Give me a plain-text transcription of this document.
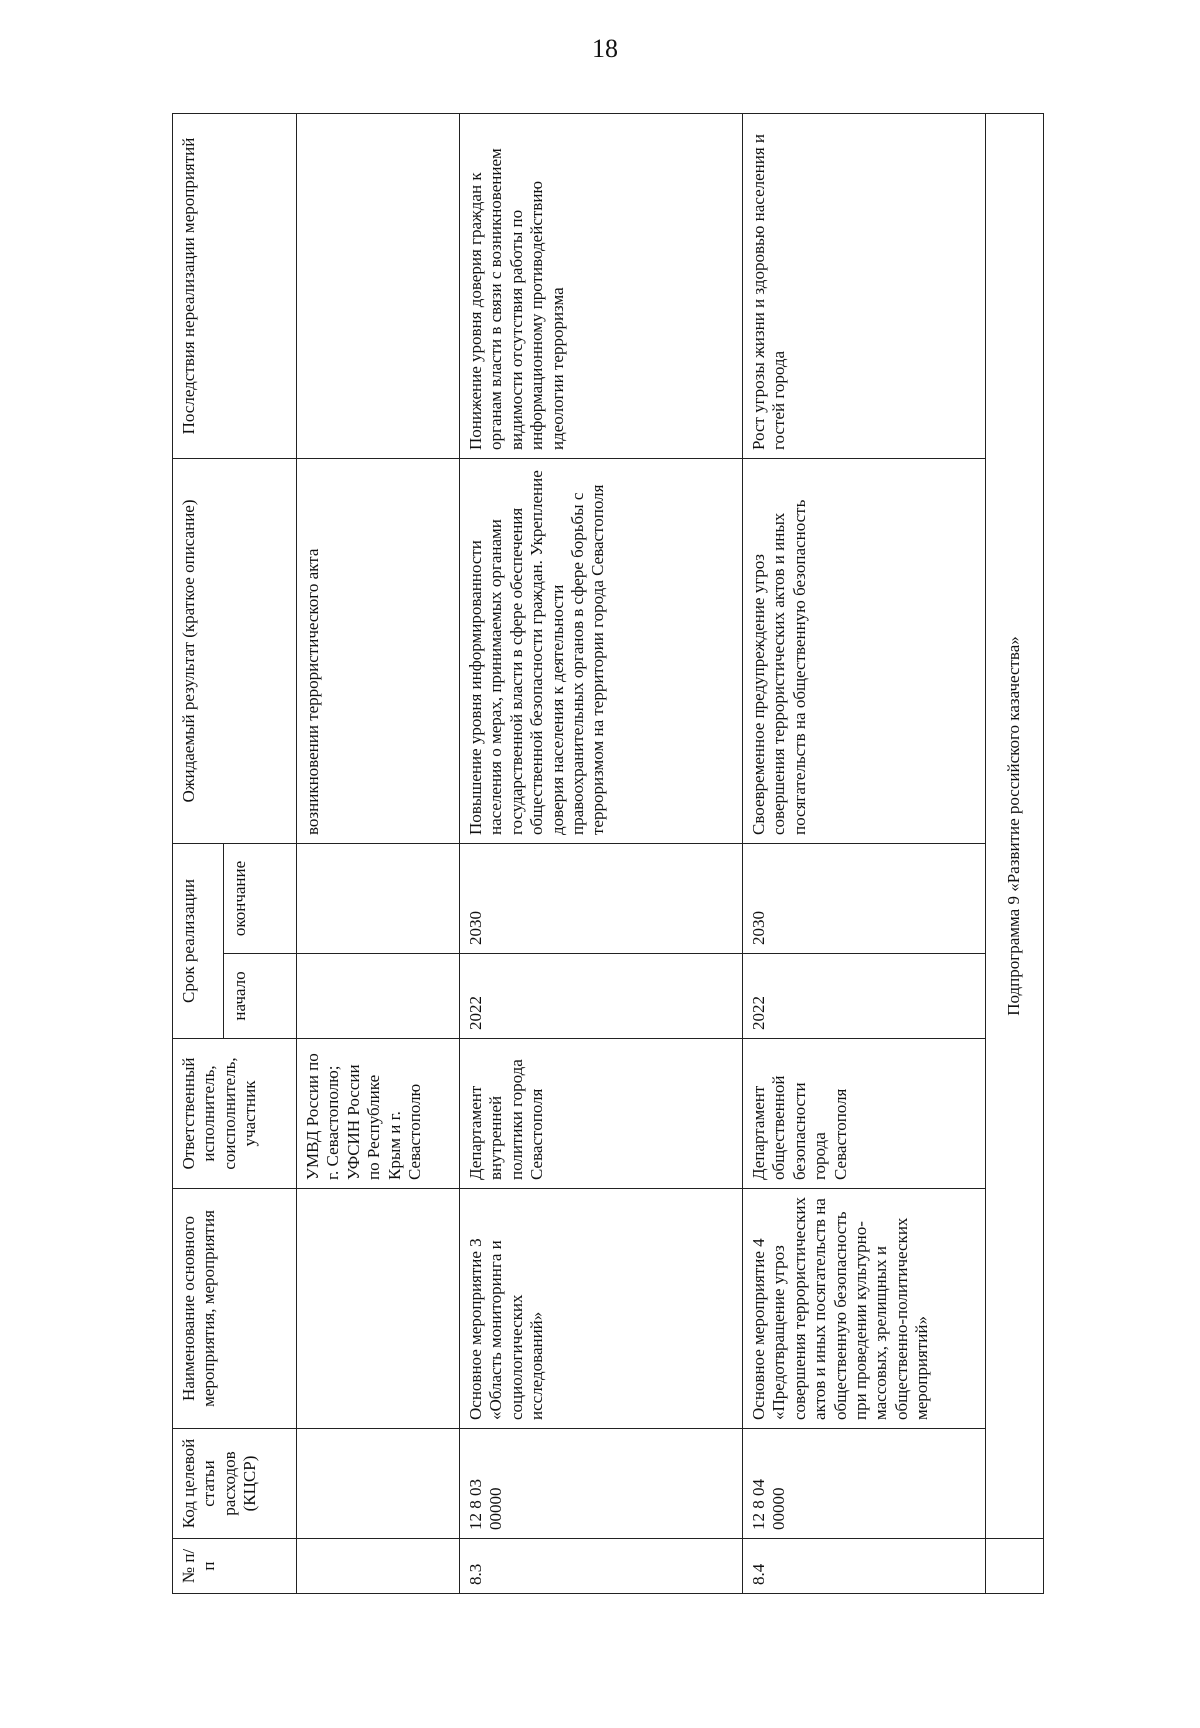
18
№ п/п	Код целевой статьи расходов (КЦСР)	Наименование основного мероприятия, мероприятия	Ответственный исполнитель, соисполнитель, участник	Срок реализации		Ожидаемый результат (краткое описание)	Последствия нереализации мероприятий
				начало	окончание		
			УМВД России по г. Севастополю; УФСИН России по Республике Крым и г. Севастополю			возникновении террористического акта	
8.3	12 8 03 00000	Основное мероприятие 3 «Область мониторинга и социологических исследований»	Департамент внутренней политики города Севастополя	2022	2030	Повышение уровня информированности населения о мерах, принимаемых органами государственной власти в сфере обеспечения общественной безопасности граждан. Укрепление доверия населения к деятельности правоохранительных органов в сфере борьбы с терроризмом на территории города Севастополя	Понижение уровня доверия граждан к органам власти в связи с возникновением видимости отсутствия работы по информационному противодействию идеологии терроризма
8.4	12 8 04 00000	Основное мероприятие 4 «Предотвращение угроз совершения террористических актов и иных посягательств на общественную безопасность при проведении культурно-массовых, зрелищных и общественно-политических мероприятий»	Департамент общественной безопасности города Севастополя	2022	2030	Своевременное предупреждение угроз совершения террористических актов и иных посягательств на общественную безопасность	Рост угрозы жизни и здоровью населения и гостей города
	Подпрограмма 9 «Развитие российского казачества»						
